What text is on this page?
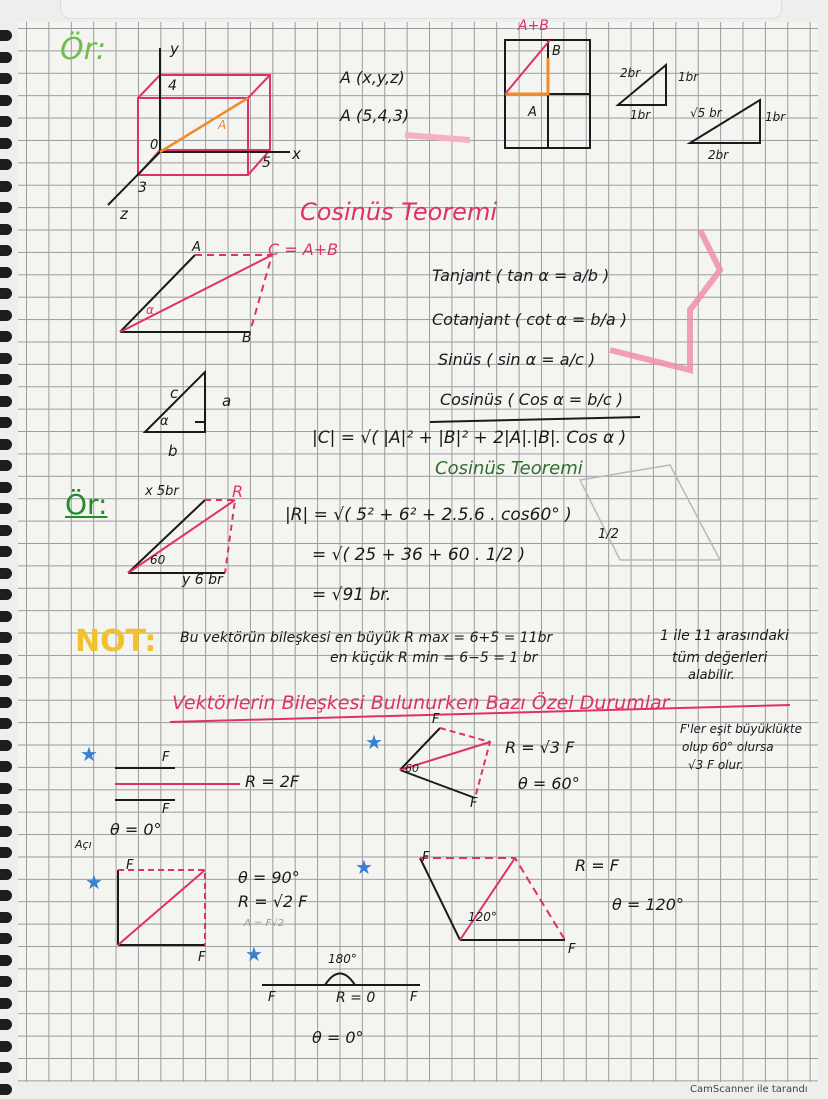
Ör:	y
4
x
5
0
3
z
A
A (x,y,z)
A (5,4,3)
A+B
B
A
2br	1br
1br	√5 br	1br
2br
Cosinüs Teoremi
A	C = A+B
B
α
Tanjant ( tan α = a/b )
Cotanjant ( cot α = b/a )
Sinüs ( sin α = a/c )
Cosinüs ( Cos α = b/c )
c	a
b
α
|C| = √( |A|² + |B|² + 2|A|.|B|. Cos α )
Cosinüs Teoremi
Ör:	x 5br	R
y 6 br
60
|R| = √( 5² + 6² + 2.5.6 . cos60° )
1/2
= √( 25 + 36 + 60 . 1/2 )
= √91 br.
NOT: Bu vektörün bileşkesi en büyük R max = 6+5 = 11br
en küçük R min = 6−5 = 1 br
1 ile 11 arasındaki
tüm değerleri
alabilir.
Vektörlerin Bileşkesi Bulunurken Bazı Özel Durumlar
★	F
F
R = 2F
θ = 0°
Açı
★
F
F
60
R = √3 F
θ = 60°
F'ler eşit büyüklükte
olup 60° olursa
√3 F olur.
★
F
F
θ = 90°
R = √2 F
A = F√2
★	F
F
120°
R = F
θ = 120°
★	180°
F	F
R = 0
θ = 0°
CamScanner ile tarandı
